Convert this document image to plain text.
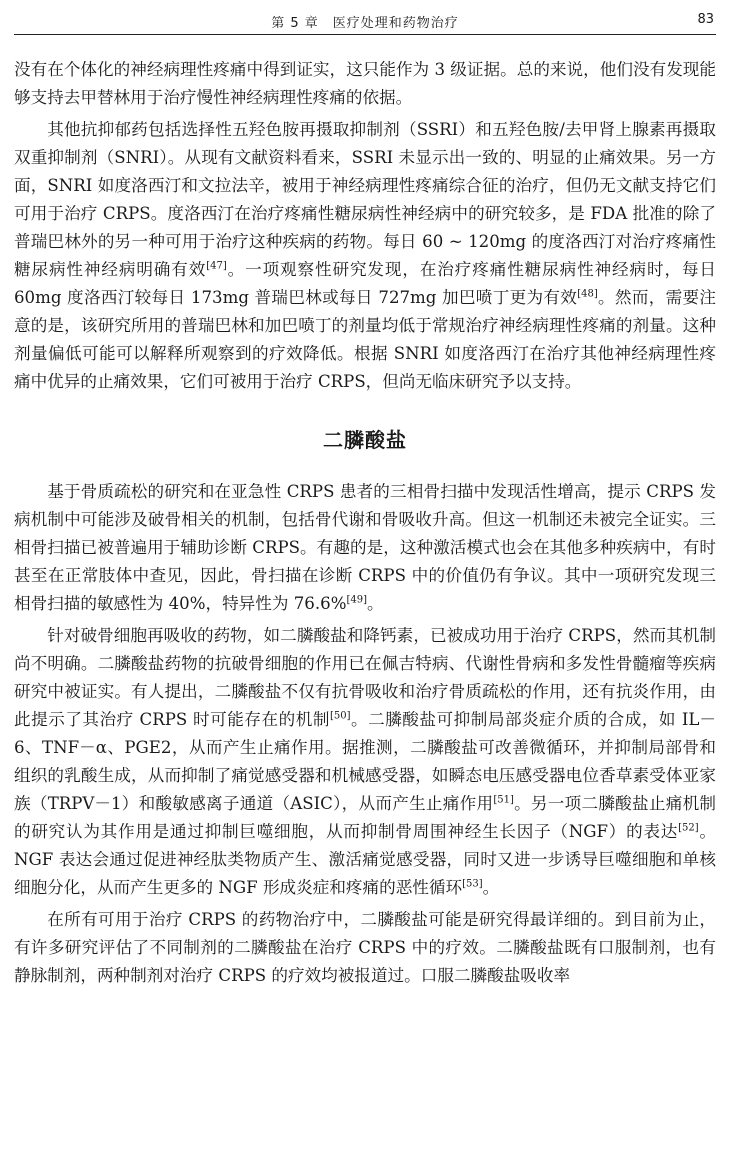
第 5 章　医疗处理和药物治疗	83

没有在个体化的神经病理性疼痛中得到证实，这只能作为 3 级证据。总的来说，他们没有发现能够支持去甲替林用于治疗慢性神经病理性疼痛的依据。

其他抗抑郁药包括选择性五羟色胺再摄取抑制剂（SSRI）和五羟色胺/去甲肾上腺素再摄取双重抑制剂（SNRI）。从现有文献资料看来，SSRI 未显示出一致的、明显的止痛效果。另一方面，SNRI 如度洛西汀和文拉法辛，被用于神经病理性疼痛综合征的治疗，但仍无文献支持它们可用于治疗 CRPS。度洛西汀在治疗疼痛性糖尿病性神经病中的研究较多，是 FDA 批准的除了普瑞巴林外的另一种可用于治疗这种疾病的药物。每日 60 ~ 120mg 的度洛西汀对治疗疼痛性糖尿病性神经病明确有效[47]。一项观察性研究发现，在治疗疼痛性糖尿病性神经病时，每日 60mg 度洛西汀较每日 173mg 普瑞巴林或每日 727mg 加巴喷丁更为有效[48]。然而，需要注意的是，该研究所用的普瑞巴林和加巴喷丁的剂量均低于常规治疗神经病理性疼痛的剂量。这种剂量偏低可能可以解释所观察到的疗效降低。根据 SNRI 如度洛西汀在治疗其他神经病理性疼痛中优异的止痛效果，它们可被用于治疗 CRPS，但尚无临床研究予以支持。

二膦酸盐

基于骨质疏松的研究和在亚急性 CRPS 患者的三相骨扫描中发现活性增高，提示 CRPS 发病机制中可能涉及破骨相关的机制，包括骨代谢和骨吸收升高。但这一机制还未被完全证实。三相骨扫描已被普遍用于辅助诊断 CRPS。有趣的是，这种激活模式也会在其他多种疾病中，有时甚至在正常肢体中查见，因此，骨扫描在诊断 CRPS 中的价值仍有争议。其中一项研究发现三相骨扫描的敏感性为 40%，特异性为 76.6%[49]。

针对破骨细胞再吸收的药物，如二膦酸盐和降钙素，已被成功用于治疗 CRPS，然而其机制尚不明确。二膦酸盐药物的抗破骨细胞的作用已在佩吉特病、代谢性骨病和多发性骨髓瘤等疾病研究中被证实。有人提出，二膦酸盐不仅有抗骨吸收和治疗骨质疏松的作用，还有抗炎作用，由此提示了其治疗 CRPS 时可能存在的机制[50]。二膦酸盐可抑制局部炎症介质的合成，如 IL－6、TNF－α、PGE2，从而产生止痛作用。据推测，二膦酸盐可改善微循环，并抑制局部骨和组织的乳酸生成，从而抑制了痛觉感受器和机械感受器，如瞬态电压感受器电位香草素受体亚家族（TRPV－1）和酸敏感离子通道（ASIC），从而产生止痛作用[51]。另一项二膦酸盐止痛机制的研究认为其作用是通过抑制巨噬细胞，从而抑制骨周围神经生长因子（NGF）的表达[52]。NGF 表达会通过促进神经肽类物质产生、激活痛觉感受器，同时又进一步诱导巨噬细胞和单核细胞分化，从而产生更多的 NGF 形成炎症和疼痛的恶性循环[53]。

在所有可用于治疗 CRPS 的药物治疗中，二膦酸盐可能是研究得最详细的。到目前为止，有许多研究评估了不同制剂的二膦酸盐在治疗 CRPS 中的疗效。二膦酸盐既有口服制剂，也有静脉制剂，两种制剂对治疗 CRPS 的疗效均被报道过。口服二膦酸盐吸收率
